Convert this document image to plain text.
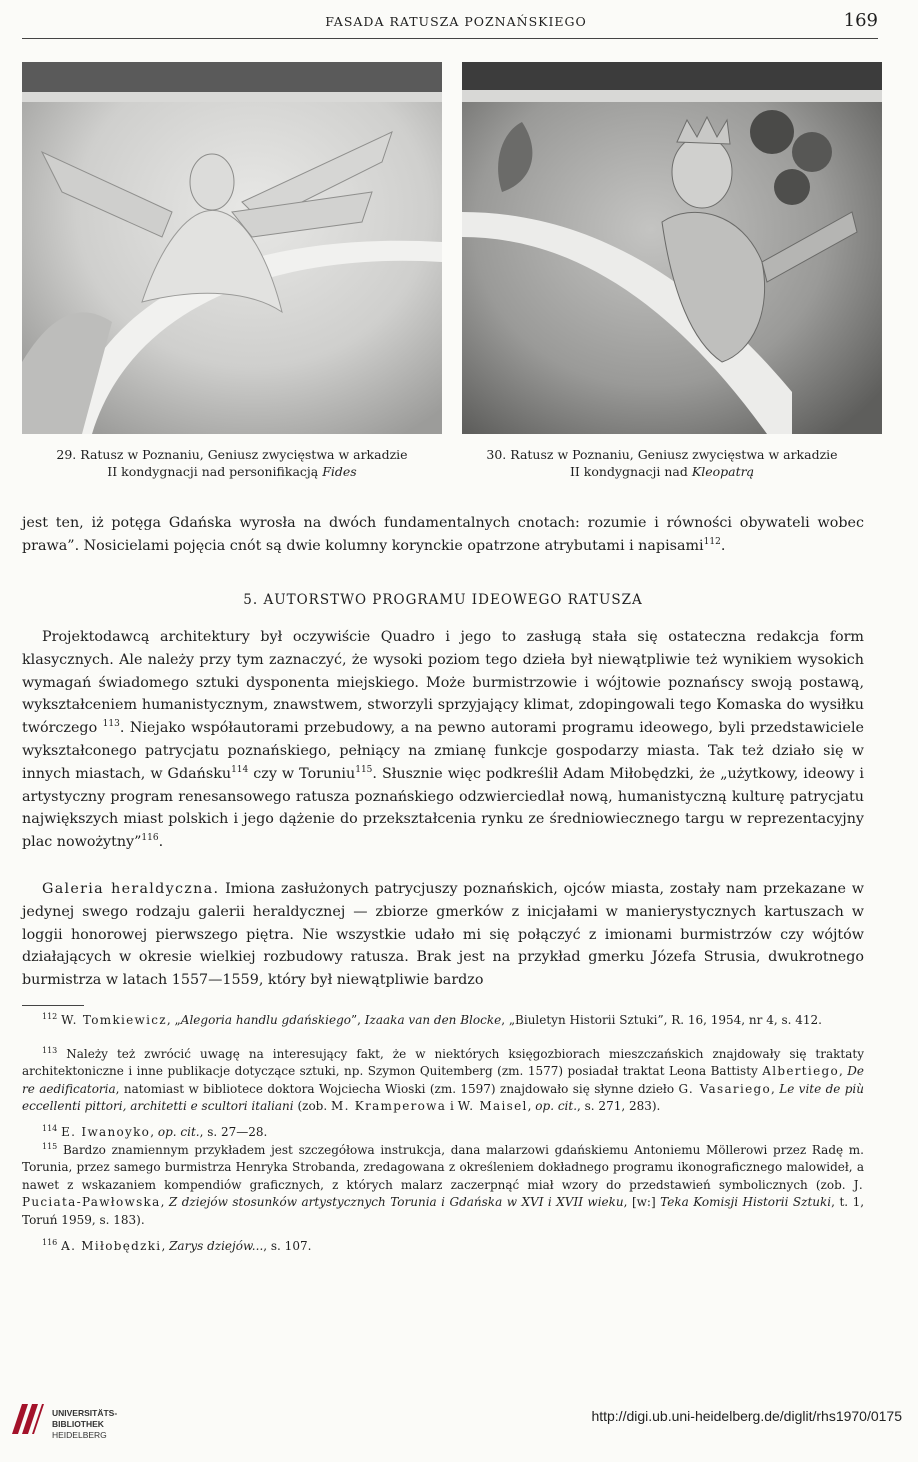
FASADA RATUSZA POZNAŃSKIEGO	169
29. Ratusz w Poznaniu, Geniusz zwycięstwa w arkadzie
II kondygnacji nad personifikacją Fides
30. Ratusz w Poznaniu, Geniusz zwycięstwa w arkadzie
II kondygnacji nad Kleopatrą
jest ten, iż potęga Gdańska wyrosła na dwóch fundamentalnych cnotach: rozumie i równości obywateli wobec prawa”. Nosicielami pojęcia cnót są dwie kolumny korynckie opatrzone atrybutami i napisami$^{112}$.
5. AUTORSTWO PROGRAMU IDEOWEGO RATUSZA
Projektodawcą architektury był oczywiście Quadro i jego to zasługą stała się ostateczna redakcja form klasycznych. Ale należy przy tym zaznaczyć, że wysoki poziom tego dzieła był niewątpliwie też wynikiem wysokich wymagań świadomego sztuki dysponenta miejskiego. Może burmistrzowie i wójtowie poznańscy swoją postawą, wykształceniem humanistycznym, znawstwem, stworzyli sprzyjający klimat, zdopingowali tego Komaska do wysiłku twórczego $^{113}$. Niejako współautorami przebudowy, a na pewno autorami programu ideowego, byli przedstawiciele wykształconego patrycjatu poznańskiego, pełniący na zmianę funkcje gospodarzy miasta. Tak też działo się w innych miastach, w Gdańsku$^{114}$ czy w Toruniu$^{115}$. Słusznie więc podkreślił Adam Miłobędzki, że „użytkowy, ideowy i artystyczny program renesansowego ratusza poznańskiego odzwierciedlał nową, humanistyczną kulturę patrycjatu największych miast polskich i jego dążenie do przekształcenia rynku ze średniowiecznego targu w reprezentacyjny plac nowożytny”$^{116}$.
Galeria heraldyczna. Imiona zasłużonych patrycjuszy poznańskich, ojców miasta, zostały nam przekazane w jedynej swego rodzaju galerii heraldycznej — zbiorze gmerków z inicjałami w manierystycznych kartuszach w loggii honorowej pierwszego piętra. Nie wszystkie udało mi się połączyć z imionami burmistrzów czy wójtów działających w okresie wielkiej rozbudowy ratusza. Brak jest na przykład gmerku Józefa Strusia, dwukrotnego burmistrza w latach 1557—1559, który był niewątpliwie bardzo
$^{112}$ W. Tomkiewicz, „Alegoria handlu gdańskiego”, Izaaka van den Blocke, „Biuletyn Historii Sztuki”, R. 16, 1954, nr 4, s. 412.
$^{113}$ Należy też zwrócić uwagę na interesujący fakt, że w niektórych księgozbiorach mieszczańskich znajdowały się traktaty architektoniczne i inne publikacje dotyczące sztuki, np. Szymon Quitemberg (zm. 1577) posiadał traktat Leona Battisty Albertiego, De re aedificatoria, natomiast w bibliotece doktora Wojciecha Wioski (zm. 1597) znajdowało się słynne dzieło G. Vasariego, Le vite de più eccellenti pittori, architetti e scultori italiani (zob. M. Kramperowa i W. Maisel, op. cit., s. 271, 283).
$^{114}$ E. Iwanoyko, op. cit., s. 27—28.
$^{115}$ Bardzo znamiennym przykładem jest szczegółowa instrukcja, dana malarzowi gdańskiemu Antoniemu Möllerowi przez Radę m. Torunia, przez samego burmistrza Henryka Strobanda, zredagowana z określeniem dokładnego programu ikonograficznego malowideł, a nawet z wskazaniem kompendiów graficznych, z których malarz zaczerpnąć miał wzory do przedstawień symbolicznych (zob. J. Puciata-Pawłowska, Z dziejów stosunków artystycznych Torunia i Gdańska w XVI i XVII wieku, [w:] Teka Komisji Historii Sztuki, t. 1, Toruń 1959, s. 183).
$^{116}$ A. Miłobędzki, Zarys dziejów..., s. 107.
UNIVERSITÄTS-
BIBLIOTHEK
HEIDELBERG
http://digi.ub.uni-heidelberg.de/diglit/rhs1970/0175
